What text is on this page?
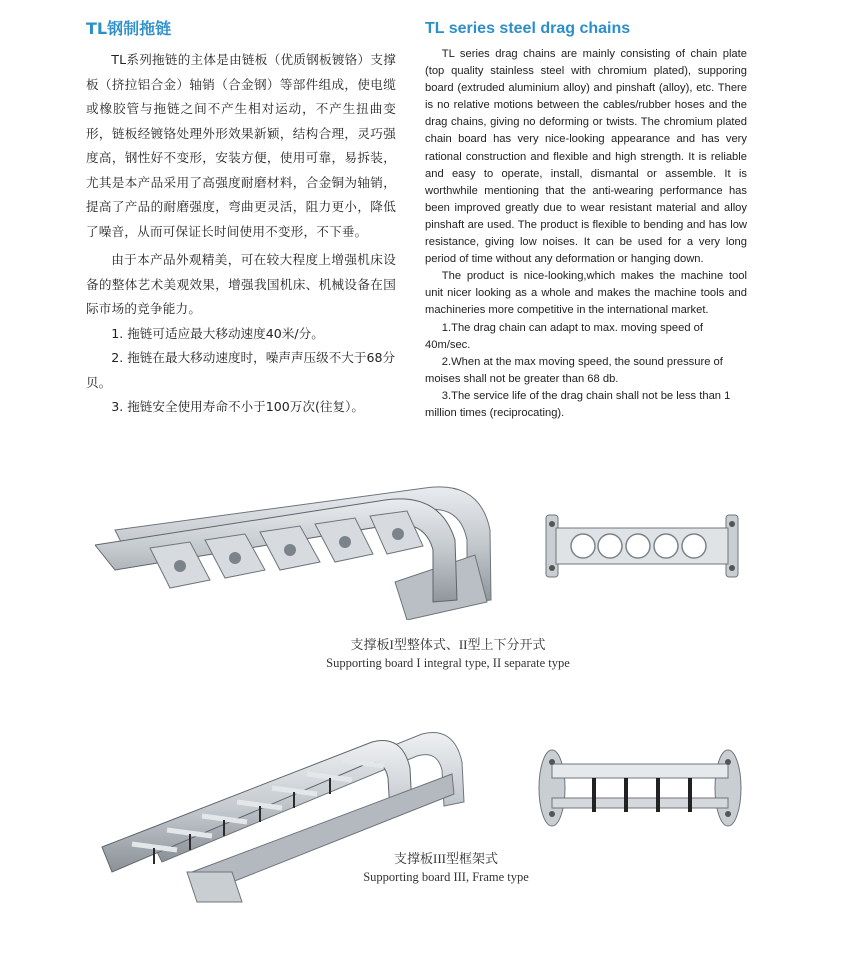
TL钢制拖链

TL系列拖链的主体是由链板（优质钢板镀铬）支撑板（挤拉铝合金）轴销（合金钢）等部件组成，使电缆或橡胶管与拖链之间不产生相对运动，不产生扭曲变形，链板经镀铬处理外形效果新颖，结构合理，灵巧强度高，钢性好不变形，安装方便，使用可靠，易拆装，尤其是本产品采用了高强度耐磨材料，合金铜为轴销，提高了产品的耐磨强度，弯曲更灵活，阻力更小，降低了噪音，从而可保证长时间使用不变形，不下垂。

由于本产品外观精美，可在较大程度上增强机床设备的整体艺术美观效果，增强我国机床、机械设备在国际市场的竞争能力。

1. 拖链可适应最大移动速度40米/分。

2. 拖链在最大移动速度时，噪声声压级不大于68分贝。

3. 拖链安全使用寿命不小于100万次(往复）。

TL series steel drag chains

TL series drag chains are mainly consisting of chain plate (top quality stainless steel with chromium plated), supporing board (extruded aluminium alloy) and pinshaft (alloy), etc. There is no relative motions between the cables/rubber hoses and the drag chains, giving no deforming or twists. The chromium plated chain board has very nice-looking appearance and has very rational construction and flexible and high strength. It is reliable and easy to operate, install, dismantal or assemble. It is worthwhile mentioning that the anti-wearing performance has been improved greatly due to wear resistant material and alloy pinshaft are used. The product is flexible to bending and has low resistance, giving low noises. It can be used for a very long period of time without any deformation or hanging down.

The product is nice-looking,which makes the machine tool unit nicer looking as a whole and makes the machine tools and machineries more competitive in the international market.

1.The drag chain can adapt to max. moving speed of 40m/sec.

2.When at the max moving speed, the sound pressure of moises shall not be greater than 68 db.

3.The service life of the drag chain shall not be less than 1 million times (reciprocating).

支撑板I型整体式、II型上下分开式
Supporting board I integral type, II separate type
支撑板III型框架式
Supporting board III, Frame type
